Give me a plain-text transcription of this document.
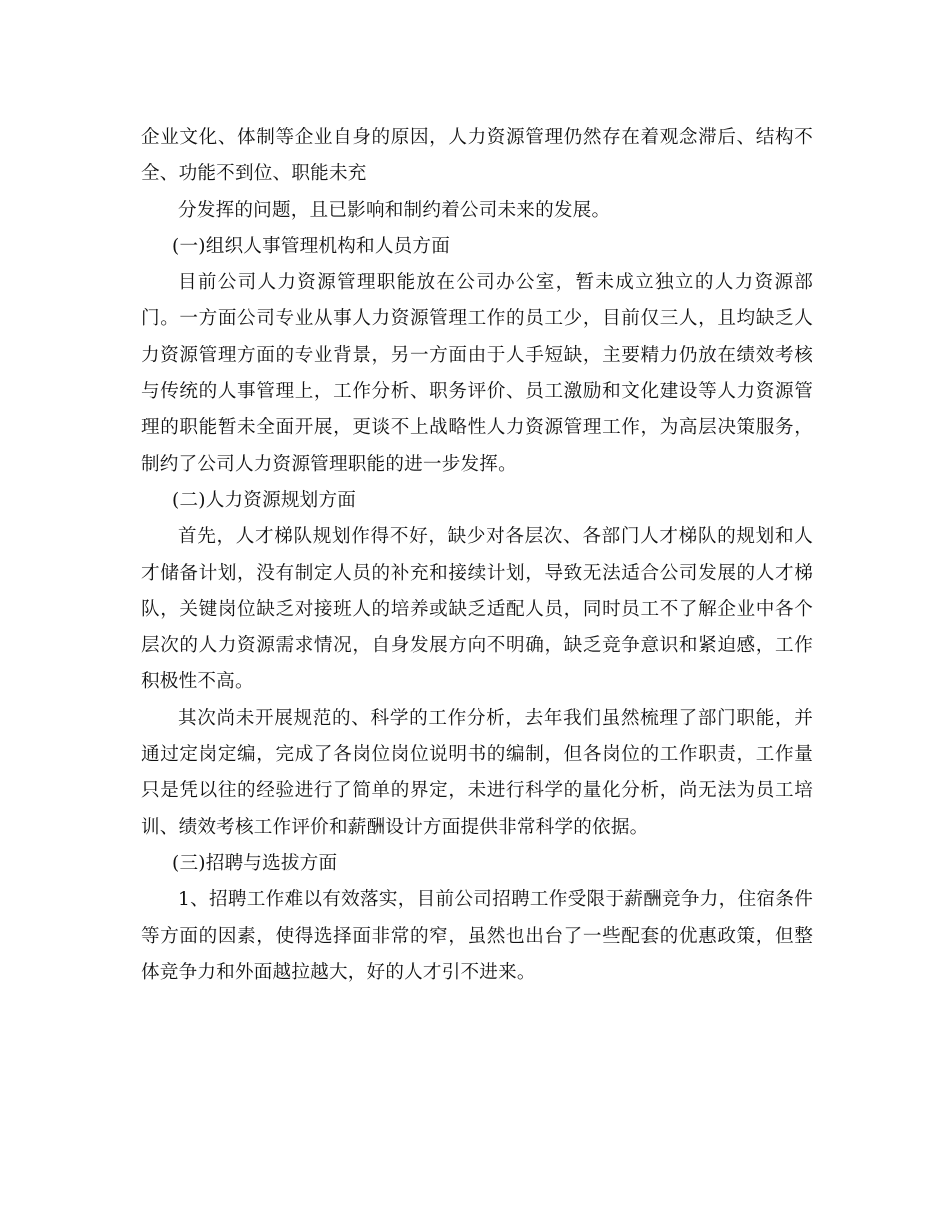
企业文化、体制等企业自身的原因，人力资源管理仍然存在着观念滞后、结构不全、功能不到位、职能未充

分发挥的问题，且已影响和制约着公司未来的发展。

(一)组织人事管理机构和人员方面

目前公司人力资源管理职能放在公司办公室，暂未成立独立的人力资源部门。一方面公司专业从事人力资源管理工作的员工少，目前仅三人，且均缺乏人力资源管理方面的专业背景，另一方面由于人手短缺，主要精力仍放在绩效考核与传统的人事管理上，工作分析、职务评价、员工激励和文化建设等人力资源管理的职能暂未全面开展，更谈不上战略性人力资源管理工作，为高层决策服务，制约了公司人力资源管理职能的进一步发挥。

(二)人力资源规划方面

首先，人才梯队规划作得不好，缺少对各层次、各部门人才梯队的规划和人才储备计划，没有制定人员的补充和接续计划，导致无法适合公司发展的人才梯队，关键岗位缺乏对接班人的培养或缺乏适配人员，同时员工不了解企业中各个层次的人力资源需求情况，自身发展方向不明确，缺乏竞争意识和紧迫感，工作积极性不高。

其次尚未开展规范的、科学的工作分析，去年我们虽然梳理了部门职能，并通过定岗定编，完成了各岗位岗位说明书的编制，但各岗位的工作职责，工作量只是凭以往的经验进行了简单的界定，未进行科学的量化分析，尚无法为员工培训、绩效考核工作评价和薪酬设计方面提供非常科学的依据。

(三)招聘与选拔方面

1、招聘工作难以有效落实，目前公司招聘工作受限于薪酬竞争力，住宿条件等方面的因素，使得选择面非常的窄，虽然也出台了一些配套的优惠政策，但整体竞争力和外面越拉越大，好的人才引不进来。
